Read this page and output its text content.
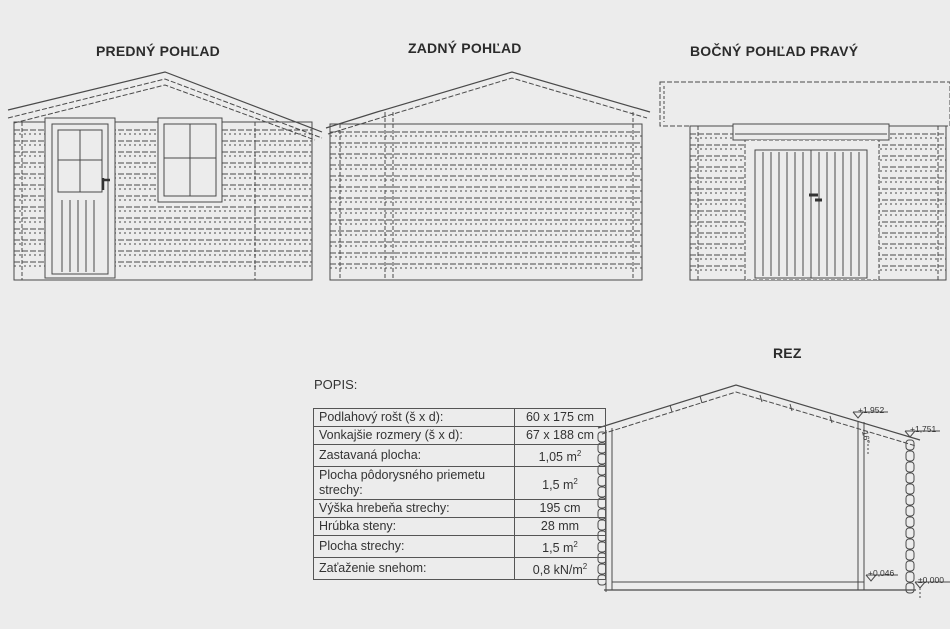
PREDNÝ POHĽAD	ZADNÝ POHĽAD	BOČNÝ POHĽAD PRAVÝ
REZ
+1,952
+1,751
16°
+0,046
±0,000
POPIS:
Podlahový rošt (š x d):	60 x 175 cm
Vonkajšie rozmery (š x d):	67 x 188 cm
Zastavaná plocha:	1,05 $m^2$
Plocha pôdorysného priemetu strechy:	1,5 $m^2$
Výška hrebeňa strechy:	195 cm
Hrúbka steny:	28 mm
Plocha strechy:	1,5 $m^2$
Zaťaženie snehom:	0,8 $kN/m^2$
